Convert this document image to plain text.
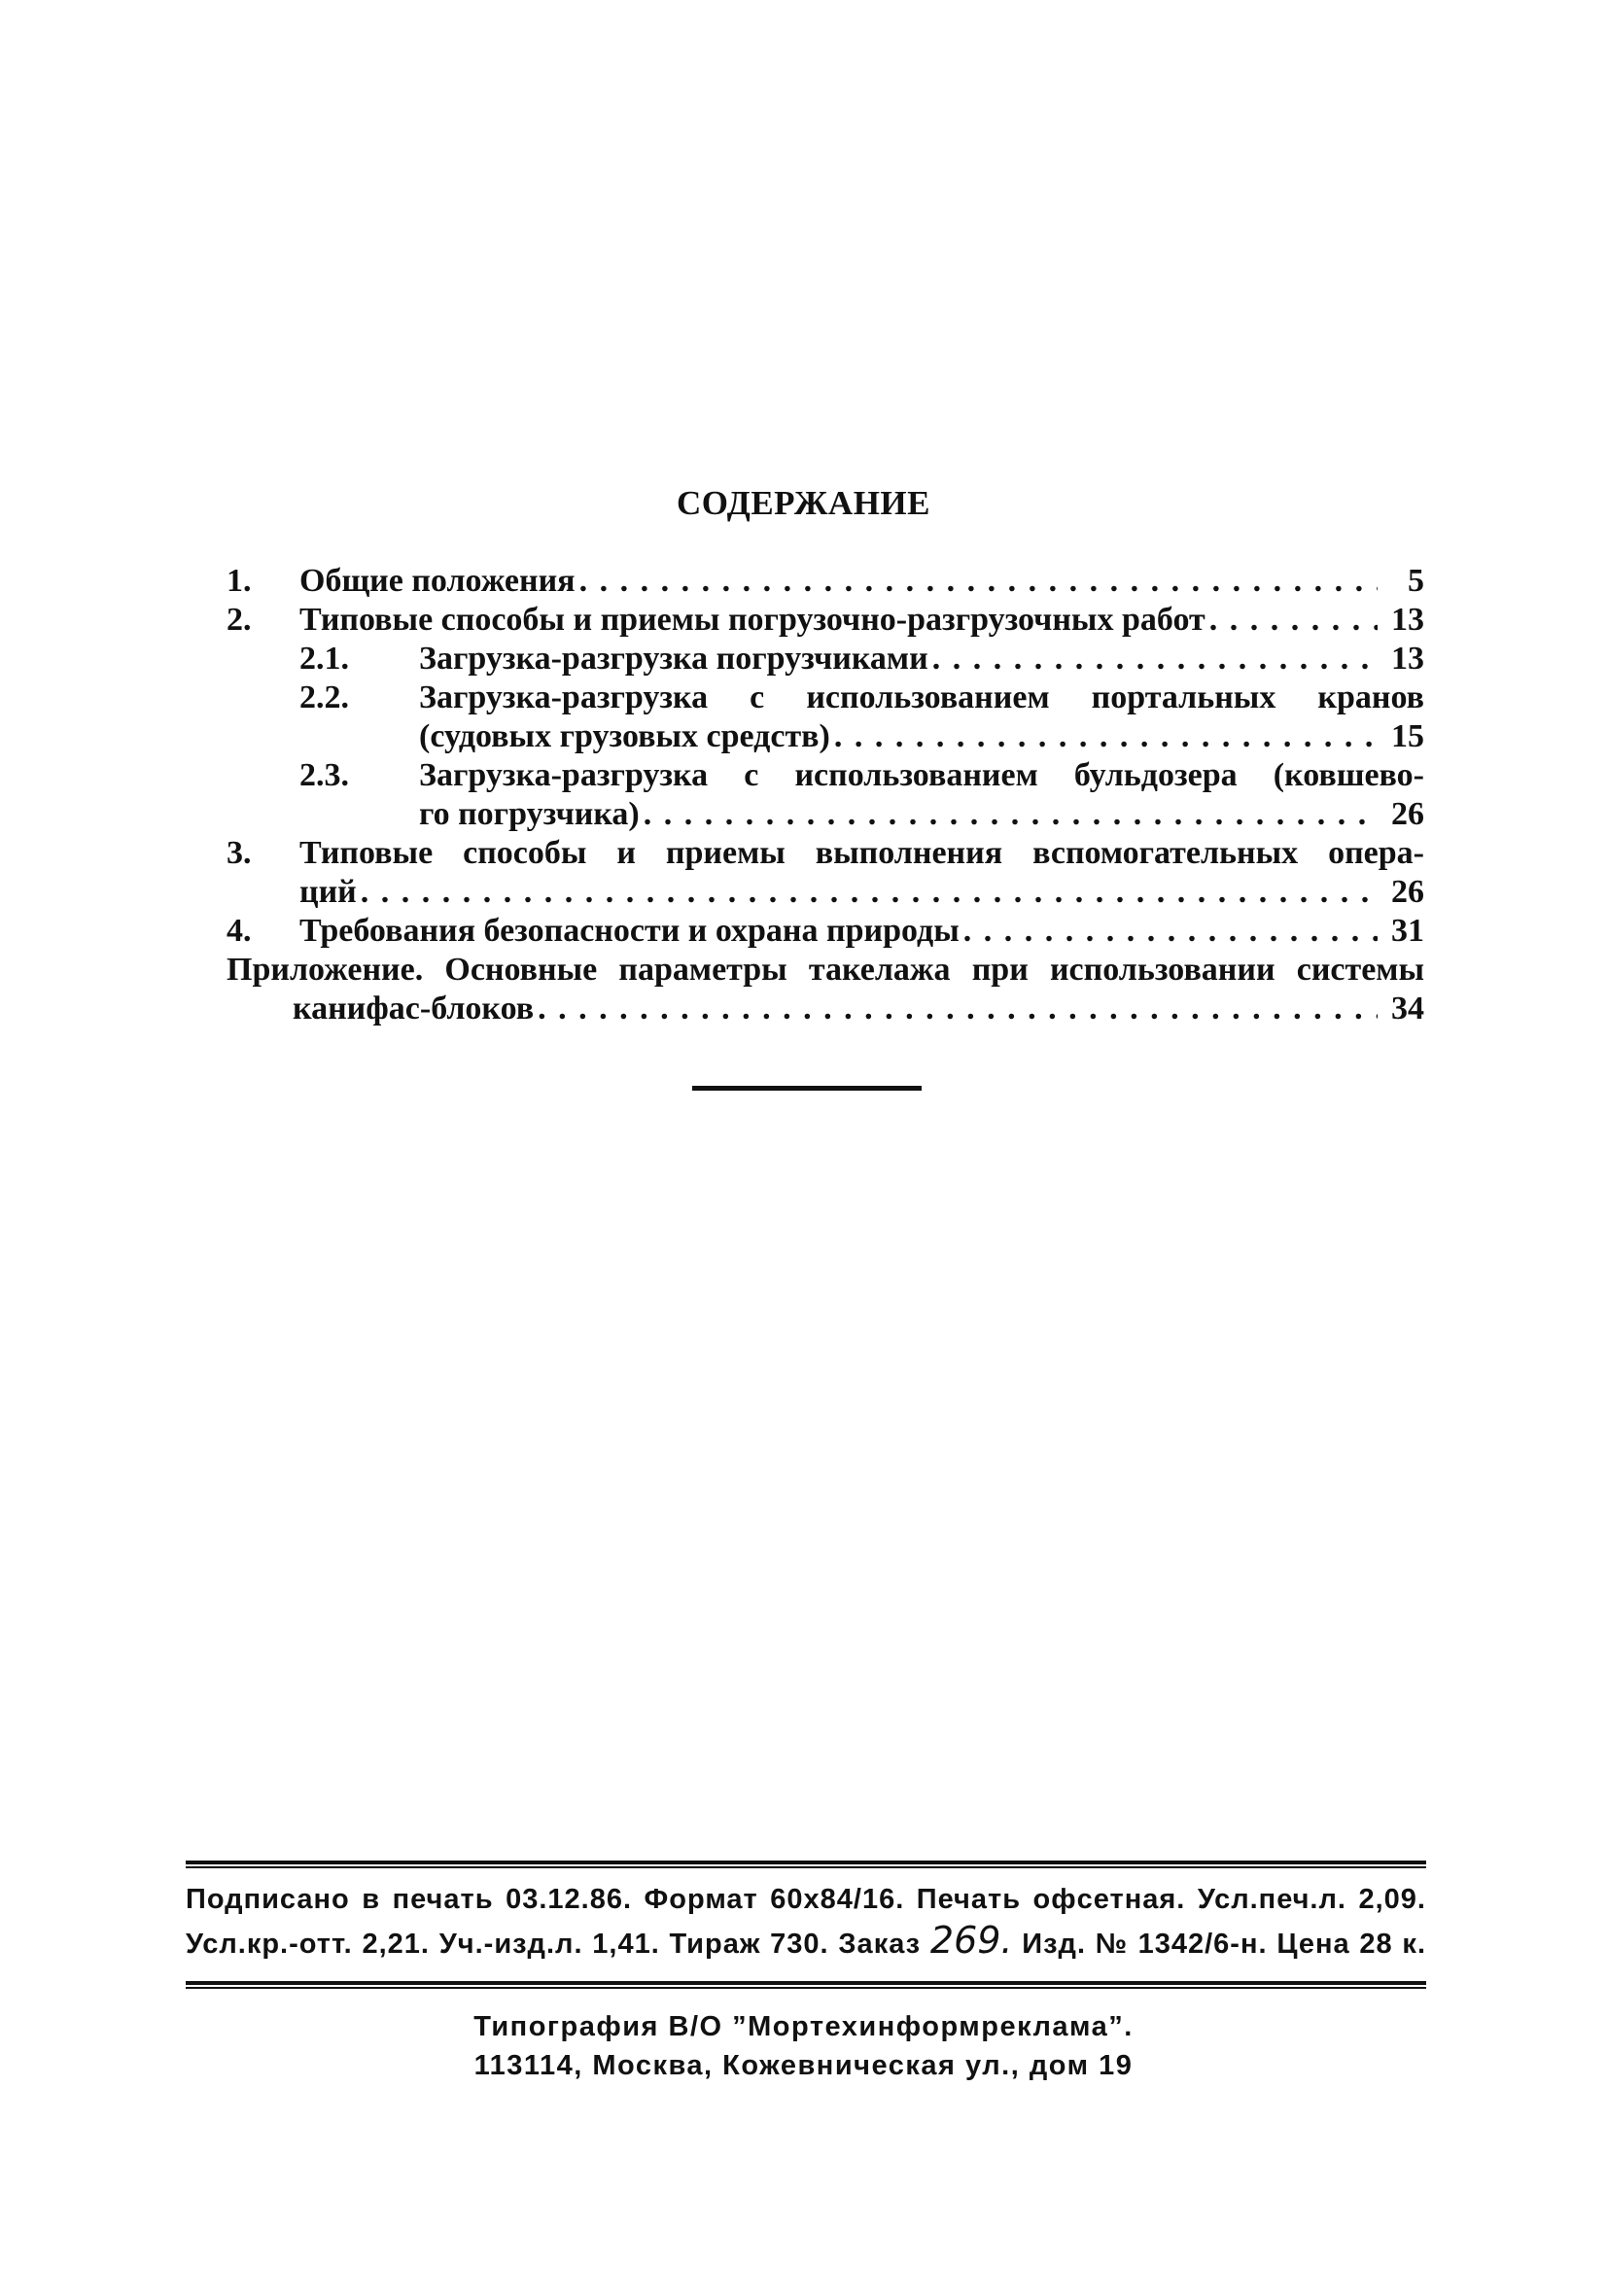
СОДЕРЖАНИЕ
1. Общие положения . . .	5
2. Типовые способы и приемы погрузочно-разгрузочных работ . . .	13
2.1. Загрузка-разгрузка погрузчиками . . .	13
2.2. Загрузка-разгрузка с использованием портальных кранов
(судовых грузовых средств) . . .	15
2.3. Загрузка-разгрузка с использованием бульдозера (ковшево-
го погрузчика) . . .	26
3. Типовые способы и приемы выполнения вспомогательных опера-
ций . . .	26
4. Требования безопасности и охрана природы . . .	31
Приложение. Основные параметры такелажа при использовании системы
канифас-блоков . . .	34
Подписано в печать 03.12.86. Формат 60х84/16. Печать офсетная. Усл.печ.л. 2,09.
Усл.кр.-отт. 2,21. Уч.-изд.л. 1,41. Тираж 730. Заказ 269. Изд. № 1342/6-н. Цена 28 к.
Типография В/О ”Мортехинформреклама”.
113114, Москва, Кожевническая ул., дом 19
